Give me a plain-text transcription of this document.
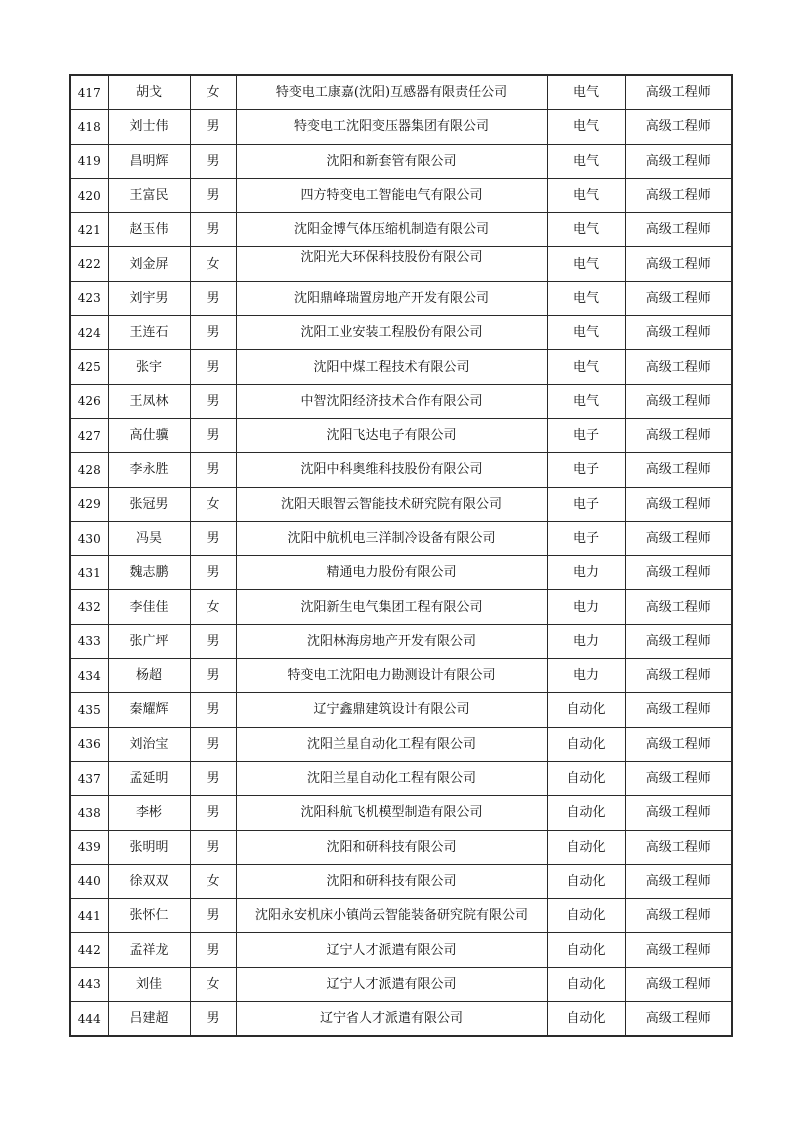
417	胡戈	女	特变电工康嘉(沈阳)互感器有限责任公司	电气	高级工程师
418	刘士伟	男	特变电工沈阳变压器集团有限公司	电气	高级工程师
419	昌明辉	男	沈阳和新套管有限公司	电气	高级工程师
420	王富民	男	四方特变电工智能电气有限公司	电气	高级工程师
421	赵玉伟	男	沈阳金博气体压缩机制造有限公司	电气	高级工程师
422	刘金屏	女	沈阳光大环保科技股份有限公司	电气	高级工程师
423	刘宇男	男	沈阳鼎峰瑞置房地产开发有限公司	电气	高级工程师
424	王连石	男	沈阳工业安装工程股份有限公司	电气	高级工程师
425	张宇	男	沈阳中煤工程技术有限公司	电气	高级工程师
426	王凤林	男	中智沈阳经济技术合作有限公司	电气	高级工程师
427	高仕骥	男	沈阳飞达电子有限公司	电子	高级工程师
428	李永胜	男	沈阳中科奥维科技股份有限公司	电子	高级工程师
429	张冠男	女	沈阳天眼智云智能技术研究院有限公司	电子	高级工程师
430	冯昊	男	沈阳中航机电三洋制冷设备有限公司	电子	高级工程师
431	魏志鹏	男	精通电力股份有限公司	电力	高级工程师
432	李佳佳	女	沈阳新生电气集团工程有限公司	电力	高级工程师
433	张广坪	男	沈阳林海房地产开发有限公司	电力	高级工程师
434	杨超	男	特变电工沈阳电力勘测设计有限公司	电力	高级工程师
435	秦耀辉	男	辽宁鑫鼎建筑设计有限公司	自动化	高级工程师
436	刘治宝	男	沈阳兰星自动化工程有限公司	自动化	高级工程师
437	孟延明	男	沈阳兰星自动化工程有限公司	自动化	高级工程师
438	李彬	男	沈阳科航飞机模型制造有限公司	自动化	高级工程师
439	张明明	男	沈阳和研科技有限公司	自动化	高级工程师
440	徐双双	女	沈阳和研科技有限公司	自动化	高级工程师
441	张怀仁	男	沈阳永安机床小镇尚云智能装备研究院有限公司	自动化	高级工程师
442	孟祥龙	男	辽宁人才派遣有限公司	自动化	高级工程师
443	刘佳	女	辽宁人才派遣有限公司	自动化	高级工程师
444	吕建超	男	辽宁省人才派遣有限公司	自动化	高级工程师
